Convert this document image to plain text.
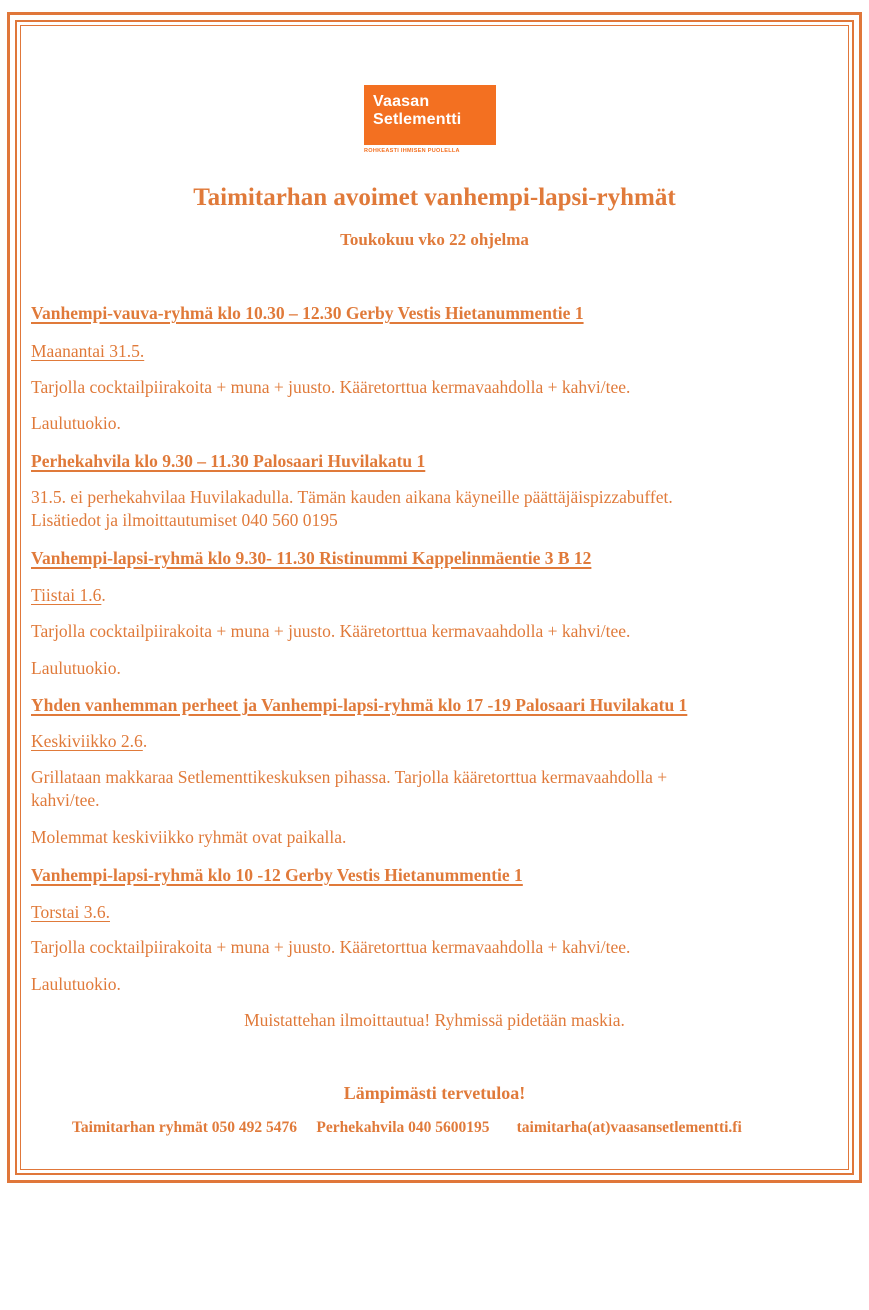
Vaasan
Setlementti
ROHKEASTI IHMISEN PUOLELLA
Taimitarhan avoimet vanhempi-lapsi-ryhmät
Toukokuu vko 22 ohjelma
Vanhempi-vauva-ryhmä klo 10.30 – 12.30 Gerby Vestis Hietanummentie 1
Maanantai 31.5.
Tarjolla cocktailpiirakoita + muna + juusto. Kääretorttua kermavaahdolla + kahvi/tee.
Laulutuokio.
Perhekahvila klo 9.30 – 11.30 Palosaari Huvilakatu 1
31.5. ei perhekahvilaa Huvilakadulla. Tämän kauden aikana käyneille päättäjäispizzabuffet.
Lisätiedot ja ilmoittautumiset 040 560 0195
Vanhempi-lapsi-ryhmä klo 9.30- 11.30 Ristinummi Kappelinmäentie 3 B 12
Tiistai 1.6.
Tarjolla cocktailpiirakoita + muna + juusto. Kääretorttua kermavaahdolla + kahvi/tee.
Laulutuokio.
Yhden vanhemman perheet ja Vanhempi-lapsi-ryhmä klo 17 -19 Palosaari Huvilakatu 1
Keskiviikko 2.6.
Grillataan makkaraa Setlementtikeskuksen pihassa. Tarjolla kääretorttua kermavaahdolla +
kahvi/tee.
Molemmat keskiviikko ryhmät ovat paikalla.
Vanhempi-lapsi-ryhmä klo 10 -12 Gerby Vestis Hietanummentie 1
Torstai 3.6.
Tarjolla cocktailpiirakoita + muna + juusto. Kääretorttua kermavaahdolla + kahvi/tee.
Laulutuokio.
Muistattehan ilmoittautua! Ryhmissä pidetään maskia.
Lämpimästi tervetuloa!
Taimitarhan ryhmät 050 492 5476 Perhekahvila 040 5600195 taimitarha(at)vaasansetlementti.fi
